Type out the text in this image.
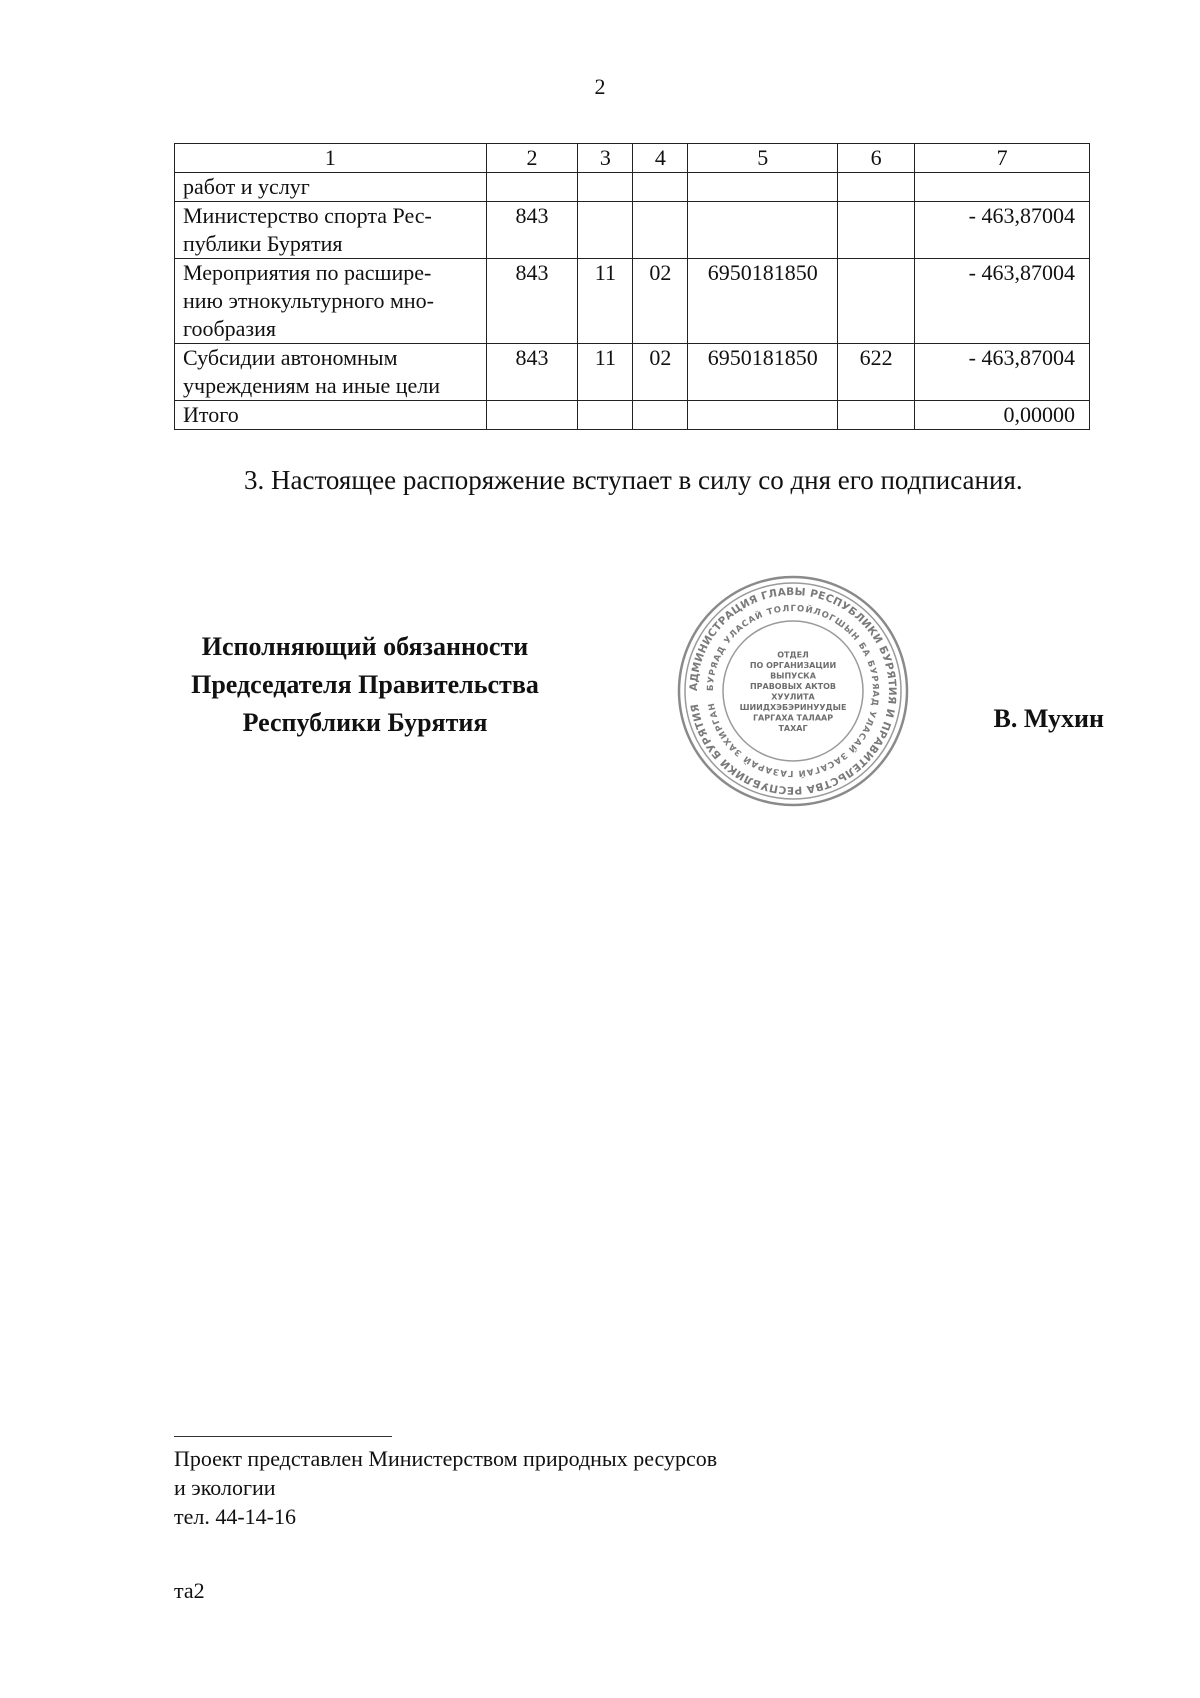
2
1	2	3	4	5	6	7
работ и услуг						
Министерство спорта Рес-
публики Бурятия	843					- 463,87004
Мероприятия по расшире-
нию этнокультурного мно-
гообразия	843	11	02	6950181850		- 463,87004
Субсидии автономным
учреждениям на иные цели	843	11	02	6950181850	622	- 463,87004
Итого						0,00000
3. Настоящее распоряжение вступает в силу со дня его подписания.
Исполняющий обязанности
Председателя Правительства
Республики Бурятия
АДМИНИСТРАЦИЯ ГЛАВЫ РЕСПУБЛИКИ БУРЯТИЯ И ПРАВИТЕЛЬСТВА РЕСПУБЛИКИ БУРЯТИЯ
БУРЯАД УЛАСАЙ ТОЛГОЙЛОГШЫН БА БУРЯАД УЛАСАЙ ЗАСАГАЙ ГАЗАРАЙ ЗАХИРГАН
ОТДЕЛ
ПО ОРГАНИЗАЦИИ
ВЫПУСКА
ПРАВОВЫХ АКТОВ
ХУУЛИТА
ШИИДХЭБЭРИНУУДЫЕ
ГАРГАХА ТАЛААР
ТАХАГ	В. Мухин
Проект представлен Министерством природных ресурсов
и экологии
тел. 44-14-16
та2
